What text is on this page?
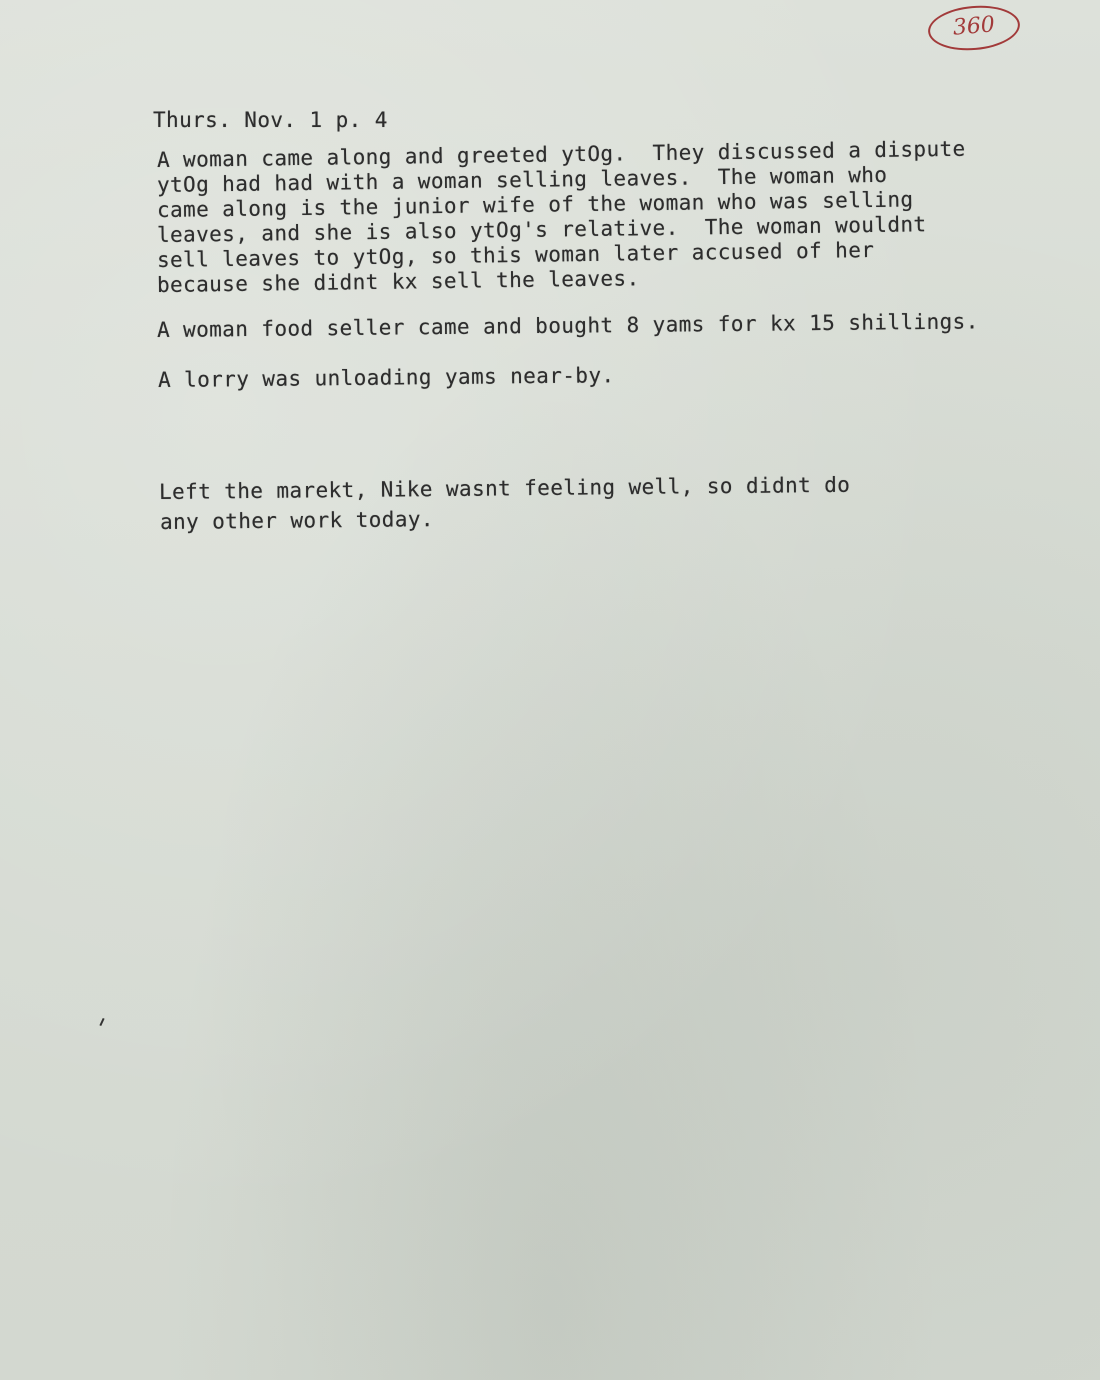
360
Thurs. Nov. 1 p. 4
A woman came along and greeted ytOg.  They discussed a dispute
ytOg had had with a woman selling leaves.  The woman who
came along is the junior wife of the woman who was selling
leaves, and she is also ytOg's relative.  The woman wouldnt
sell leaves to ytOg, so this woman later accused of her
because she didnt kx sell the leaves.
A woman food seller came and bought 8 yams for kx 15 shillings.
A lorry was unloading yams near-by.
Left the marekt, Nike wasnt feeling well, so didnt do
any other work today.
